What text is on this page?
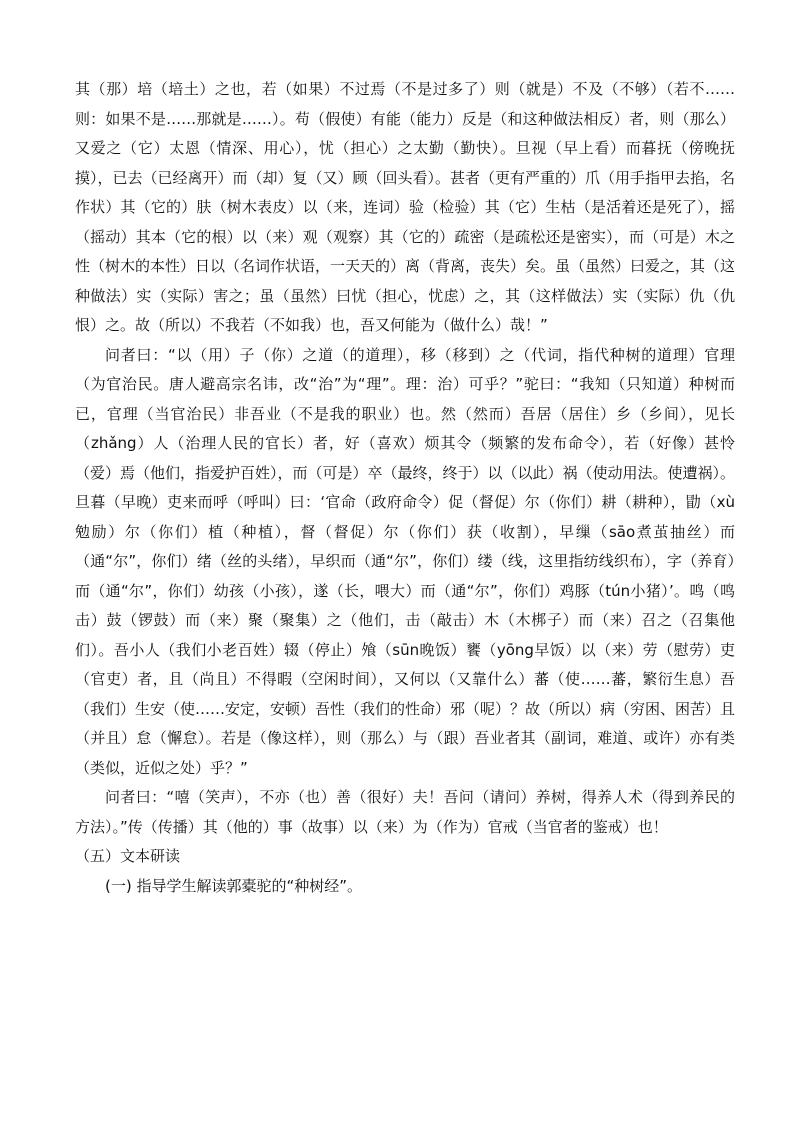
其（那）培（培土）之也，若（如果）不过焉（不是过多了）则（就是）不及（不够）（若不……则：如果不是……那就是……）。苟（假使）有能（能力）反是（和这种做法相反）者，则（那么）又爱之（它）太恩（情深、用心），忧（担心）之太勤（勤快）。旦视（早上看）而暮抚（傍晚抚摸），已去（已经离开）而（却）复（又）顾（回头看）。甚者（更有严重的）爪（用手指甲去掐，名作状）其（它的）肤（树木表皮）以（来，连词）验（检验）其（它）生枯（是活着还是死了），摇（摇动）其本（它的根）以（来）观（观察）其（它的）疏密（是疏松还是密实），而（可是）木之性（树木的本性）日以（名词作状语，一天天的）离（背离，丧失）矣。虽（虽然）曰爱之，其（这种做法）实（实际）害之；虽（虽然）曰忧（担心，忧虑）之，其（这样做法）实（实际）仇（仇恨）之。故（所以）不我若（不如我）也，吾又何能为（做什么）哉！”

问者曰：“以（用）子（你）之道（的道理），移（移到）之（代词，指代种树的道理）官理（为官治民。唐人避高宗名讳，改“治”为“理”。理：治）可乎？”驼曰：“我知（只知道）种树而已，官理（当官治民）非吾业（不是我的职业）也。然（然而）吾居（居住）乡（乡间），见长（zhǎng）人（治理人民的官长）者，好（喜欢）烦其令（频繁的发布命令），若（好像）甚怜（爱）焉（他们，指爱护百姓），而（可是）卒（最终，终于）以（以此）祸（使动用法。使遭祸）。旦暮（早晚）吏来而呼（呼叫）曰：‘官命（政府命令）促（督促）尔（你们）耕（耕种），勖（xù勉励）尔（你们）植（种植），督（督促）尔（你们）获（收割），早缫（sāo煮茧抽丝）而（通“尔”，你们）绪（丝的头绪），早织而（通“尔”，你们）缕（线，这里指纺线织布），字（养育）而（通“尔”，你们）幼孩（小孩），遂（长，喂大）而（通“尔”，你们）鸡豚（tún小猪）’。鸣（鸣击）鼓（锣鼓）而（来）聚（聚集）之（他们，击（敲击）木（木梆子）而（来）召之（召集他们）。吾小人（我们小老百姓）辍（停止）飧（sūn晚饭）饔（yōng早饭）以（来）劳（慰劳）吏（官吏）者，且（尚且）不得暇（空闲时间），又何以（又靠什么）蕃（使……蕃，繁衍生息）吾（我们）生安（使……安定，安顿）吾性（我们的性命）邪（呢）？故（所以）病（穷困、困苦）且（并且）怠（懈怠）。若是（像这样），则（那么）与（跟）吾业者其（副词，难道、或许）亦有类（类似，近似之处）乎？”

问者曰：“嘻（笑声），不亦（也）善（很好）夫！吾问（请问）养树，得养人术（得到养民的方法）。”传（传播）其（他的）事（故事）以（来）为（作为）官戒（当官者的鉴戒）也！

（五）文本研读

(一) 指导学生解读郭橐驼的“种树经”。
